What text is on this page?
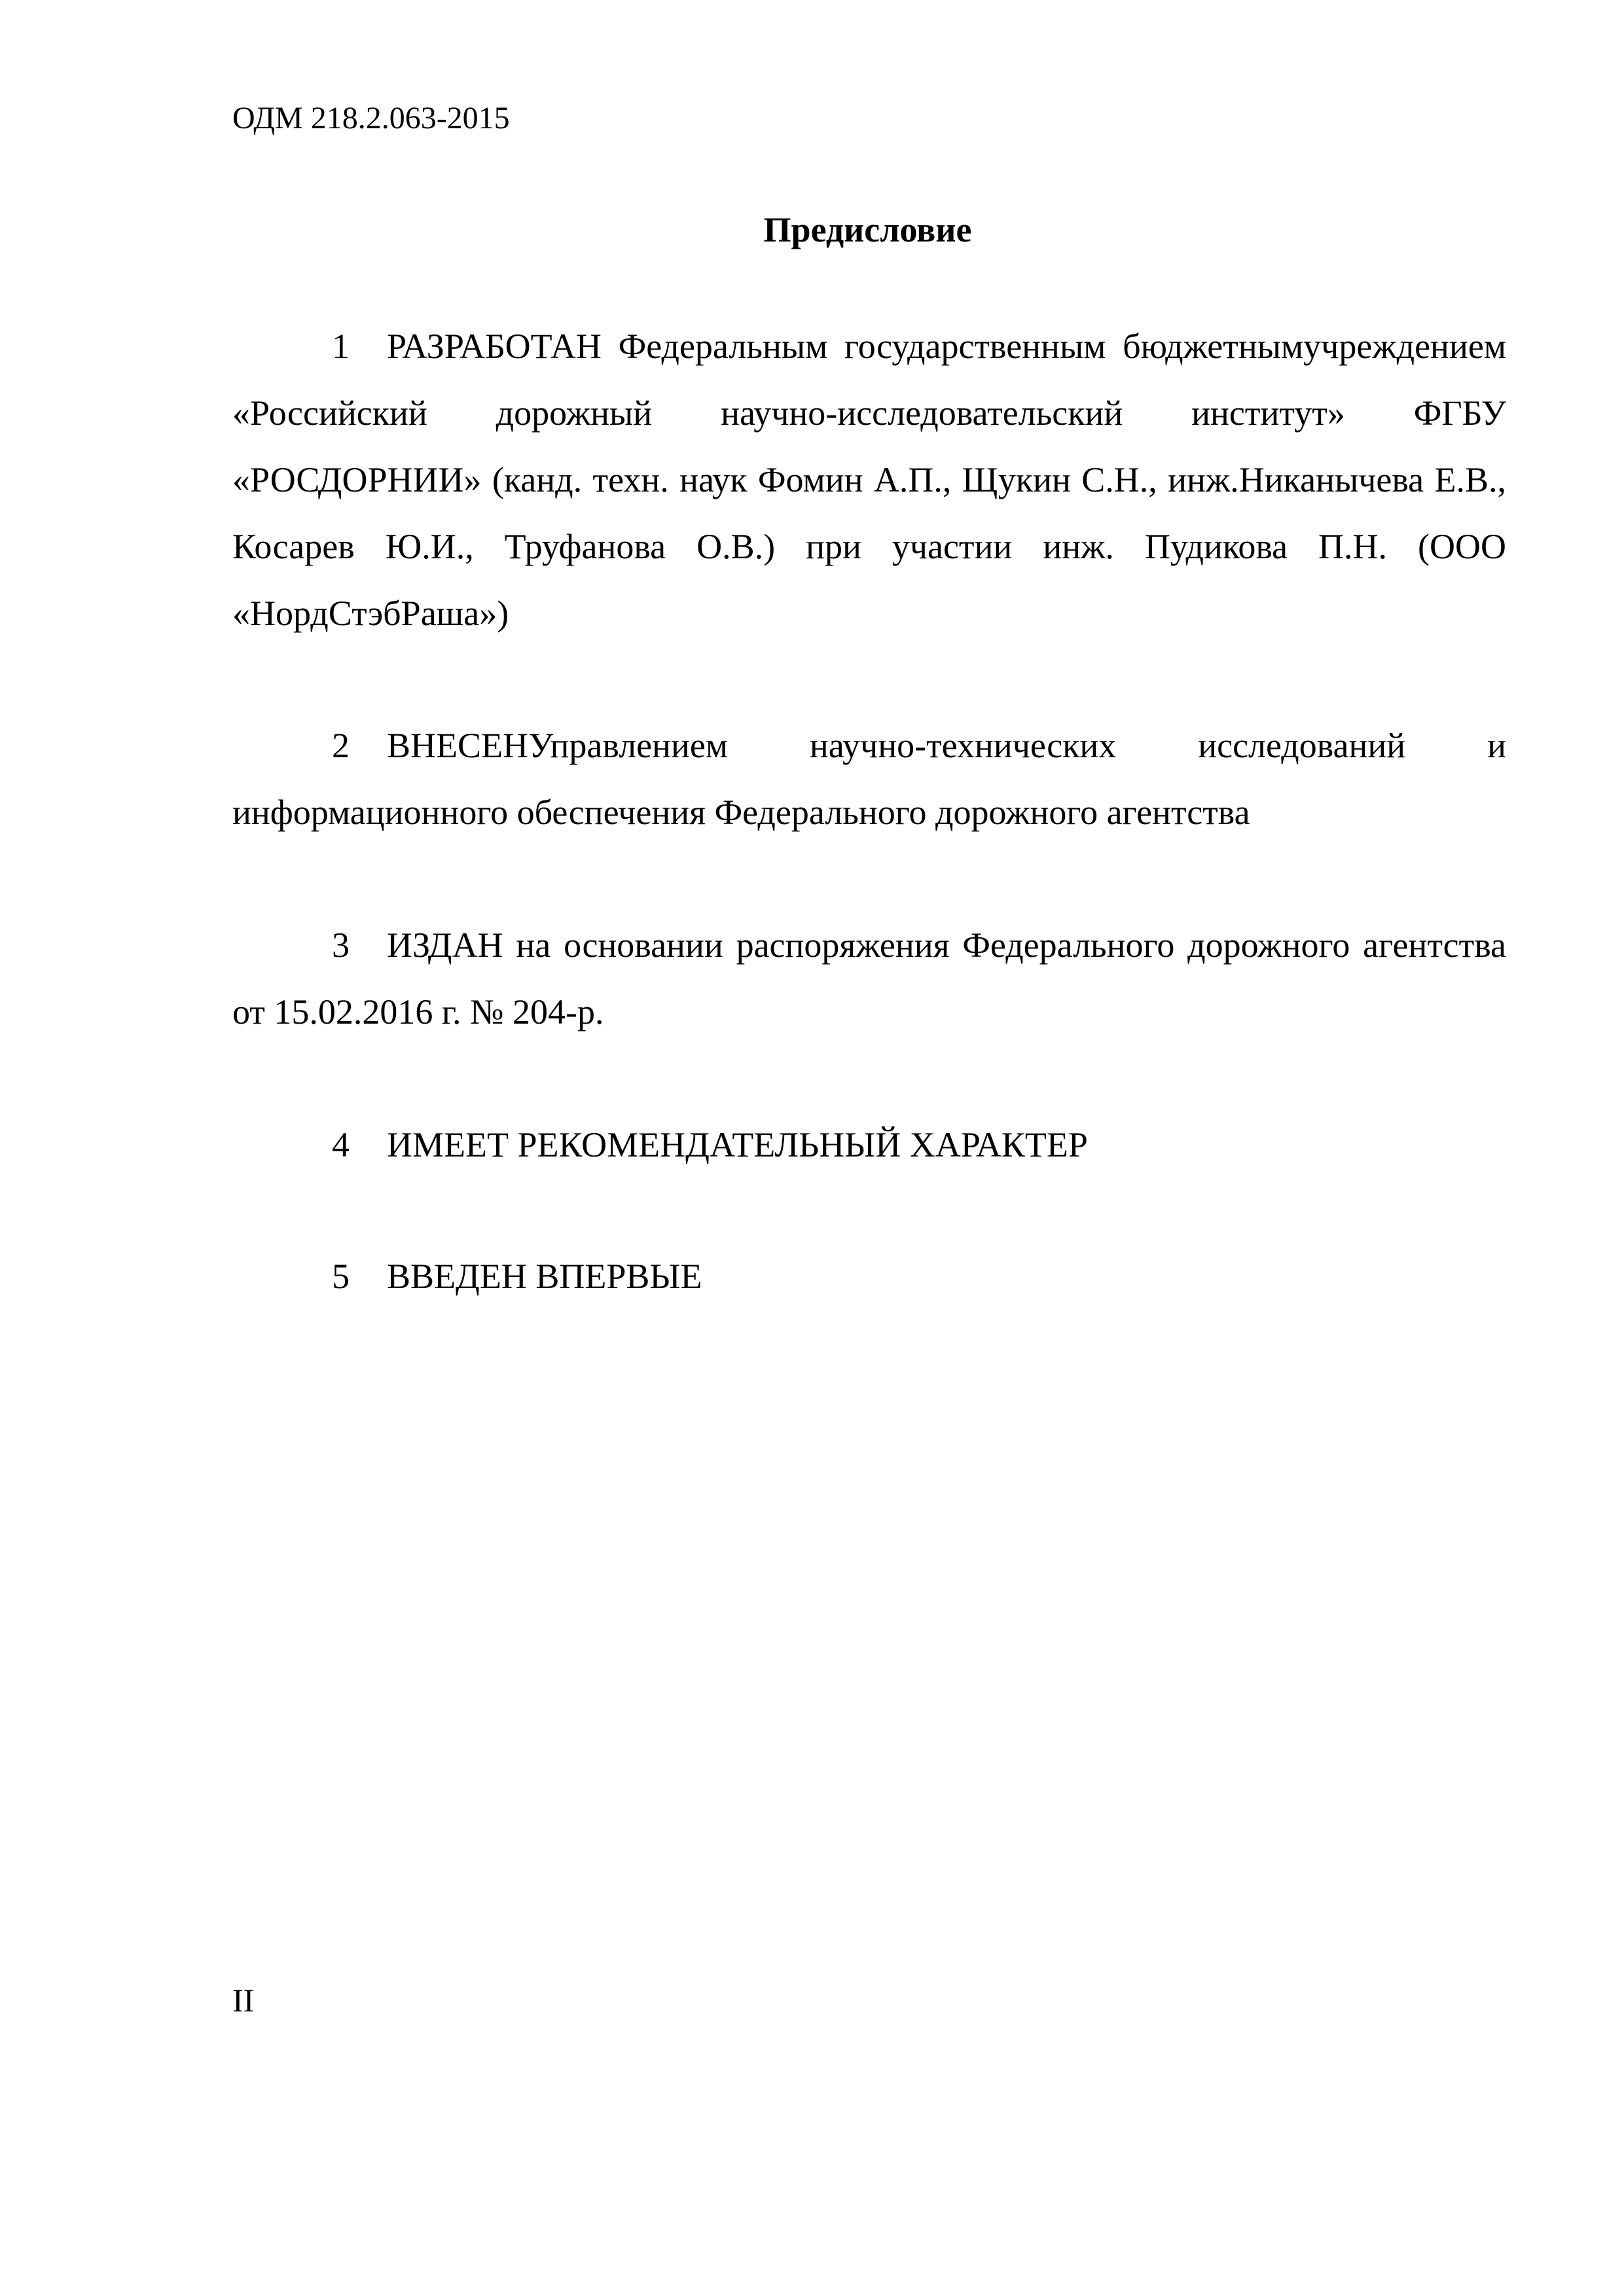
ОДМ 218.2.063-2015
Предисловие
1 РАЗРАБОТАН Федеральным государственным бюджетнымучреждением «Российский дорожный научно-исследовательский институт» ФГБУ «РОСДОРНИИ» (канд. техн. наук Фомин А.П., Щукин С.Н., инж.Никанычева Е.В., Косарев Ю.И., Труфанова О.В.) при участии инж. Пудикова П.Н. (ООО «НордСтэбРаша»)
2 ВНЕСЕНУправлением научно-технических исследований и информационного обеспечения Федерального дорожного агентства
3 ИЗДАН на основании распоряжения Федерального дорожного агентства от 15.02.2016 г. № 204-р.
4 ИМЕЕТ РЕКОМЕНДАТЕЛЬНЫЙ ХАРАКТЕР
5 ВВЕДЕН ВПЕРВЫЕ
II
